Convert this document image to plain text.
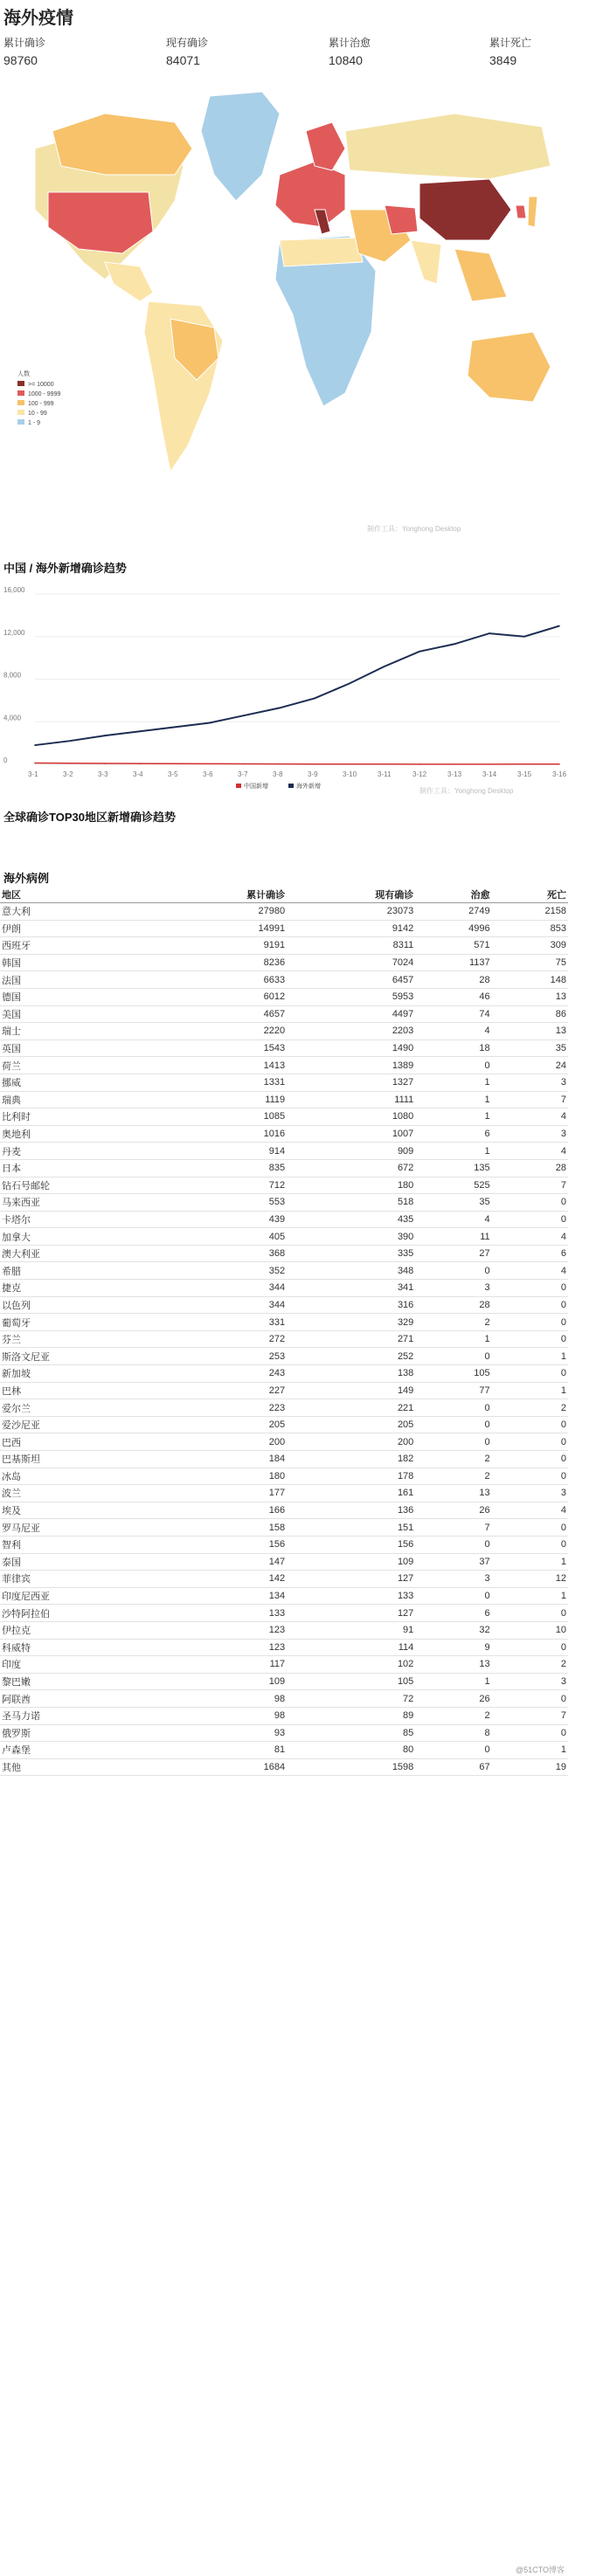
海外疫情
累计确诊
98760
现有确诊
84071
累计治愈
10840
累计死亡
3849
人数
>= 10000
1000 - 9999
100 - 999
10 - 99
1 - 9
制作工具：Yonghong Desktop
中国 / 海外新增确诊趋势
16,000
12,000
8,000
4,000
0
3-1	3-2	3-3	3-4	3-5	3-6	3-7	3-8	3-9	3-10	3-11	3-12	3-13	3-14	3-15	3-16
中国新增	海外新增
制作工具：Yonghong Desktop
全球确诊TOP30地区新增确诊趋势
海外病例
地区	累计确诊	现有确诊	治愈	死亡
意大利	27980	23073	2749	2158
伊朗	14991	9142	4996	853
西班牙	9191	8311	571	309
韩国	8236	7024	1137	75
法国	6633	6457	28	148
德国	6012	5953	46	13
美国	4657	4497	74	86
瑞士	2220	2203	4	13
英国	1543	1490	18	35
荷兰	1413	1389	0	24
挪威	1331	1327	1	3
瑞典	1119	1111	1	7
比利时	1085	1080	1	4
奥地利	1016	1007	6	3
丹麦	914	909	1	4
日本	835	672	135	28
钻石号邮轮	712	180	525	7
马来西亚	553	518	35	0
卡塔尔	439	435	4	0
加拿大	405	390	11	4
澳大利亚	368	335	27	6
希腊	352	348	0	4
捷克	344	341	3	0
以色列	344	316	28	0
葡萄牙	331	329	2	0
芬兰	272	271	1	0
斯洛文尼亚	253	252	0	1
新加坡	243	138	105	0
巴林	227	149	77	1
爱尔兰	223	221	0	2
爱沙尼亚	205	205	0	0
巴西	200	200	0	0
巴基斯坦	184	182	2	0
冰岛	180	178	2	0
波兰	177	161	13	3
埃及	166	136	26	4
罗马尼亚	158	151	7	0
智利	156	156	0	0
泰国	147	109	37	1
菲律宾	142	127	3	12
印度尼西亚	134	133	0	1
沙特阿拉伯	133	127	6	0
伊拉克	123	91	32	10
科威特	123	114	9	0
印度	117	102	13	2
黎巴嫩	109	105	1	3
阿联酋	98	72	26	0
圣马力诺	98	89	2	7
俄罗斯	93	85	8	0
卢森堡	81	80	0	1
其他	1684	1598	67	19
@51CTO博客
